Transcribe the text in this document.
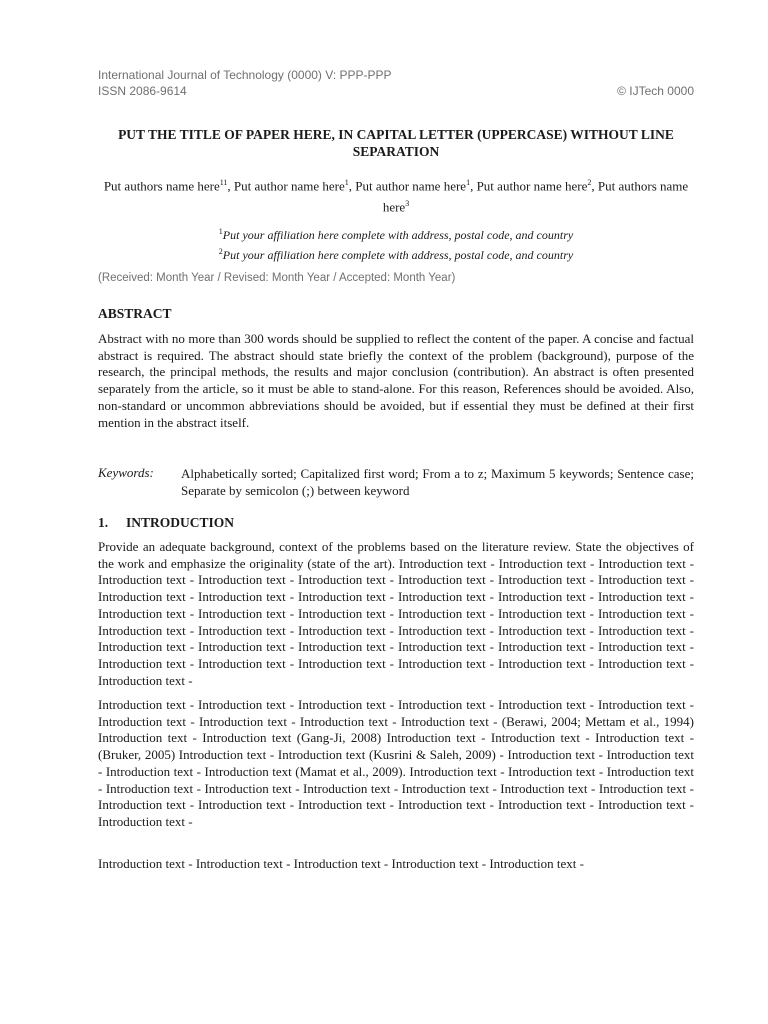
International Journal of Technology (0000) V: PPP-PPP
ISSN 2086-9614	© IJTech 0000
PUT THE TITLE OF PAPER HERE, IN CAPITAL LETTER (UPPERCASE) WITHOUT LINE SEPARATION
Put authors name here$^{11}$, Put author name here$^1$, Put author name here$^1$, Put author name here$^2$, Put authors name here$^3$
$^1$Put your affiliation here complete with address, postal code, and country
$^2$Put your affiliation here complete with address, postal code, and country
(Received: Month Year / Revised: Month Year / Accepted: Month Year)
ABSTRACT
Abstract with no more than 300 words should be supplied to reflect the content of the paper. A concise and factual abstract is required. The abstract should state briefly the context of the problem (background), purpose of the research, the principal methods, the results and major conclusion (contribution). An abstract is often presented separately from the article, so it must be able to stand-alone. For this reason, References should be avoided. Also, non-standard or uncommon abbreviations should be avoided, but if essential they must be defined at their first mention in the abstract itself.
Keywords: Alphabetically sorted; Capitalized first word; From a to z; Maximum 5 keywords; Sentence case; Separate by semicolon (;) between keyword
1. INTRODUCTION
Provide an adequate background, context of the problems based on the literature review. State the objectives of the work and emphasize the originality (state of the art). Introduction text - Introduction text - Introduction text - Introduction text - Introduction text - Introduction text - Introduction text - Introduction text - Introduction text - Introduction text - Introduction text - Introduction text - Introduction text - Introduction text - Introduction text - Introduction text - Introduction text - Introduction text - Introduction text - Introduction text - Introduction text - Introduction text - Introduction text - Introduction text - Introduction text - Introduction text - Introduction text - Introduction text - Introduction text - Introduction text - Introduction text - Introduction text - Introduction text - Introduction text - Introduction text - Introduction text - Introduction text - Introduction text - Introduction text - Introduction text -
Introduction text - Introduction text - Introduction text - Introduction text - Introduction text - Introduction text - Introduction text - Introduction text - Introduction text - Introduction text - (Berawi, 2004; Mettam et al., 1994) Introduction text - Introduction text (Gang-Ji, 2008) Introduction text - Introduction text - Introduction text - (Bruker, 2005) Introduction text - Introduction text (Kusrini & Saleh, 2009) - Introduction text - Introduction text - Introduction text - Introduction text (Mamat et al., 2009). Introduction text - Introduction text - Introduction text - Introduction text - Introduction text - Introduction text - Introduction text - Introduction text - Introduction text - Introduction text - Introduction text - Introduction text - Introduction text - Introduction text - Introduction text - Introduction text -
Introduction text - Introduction text - Introduction text - Introduction text - Introduction text -
